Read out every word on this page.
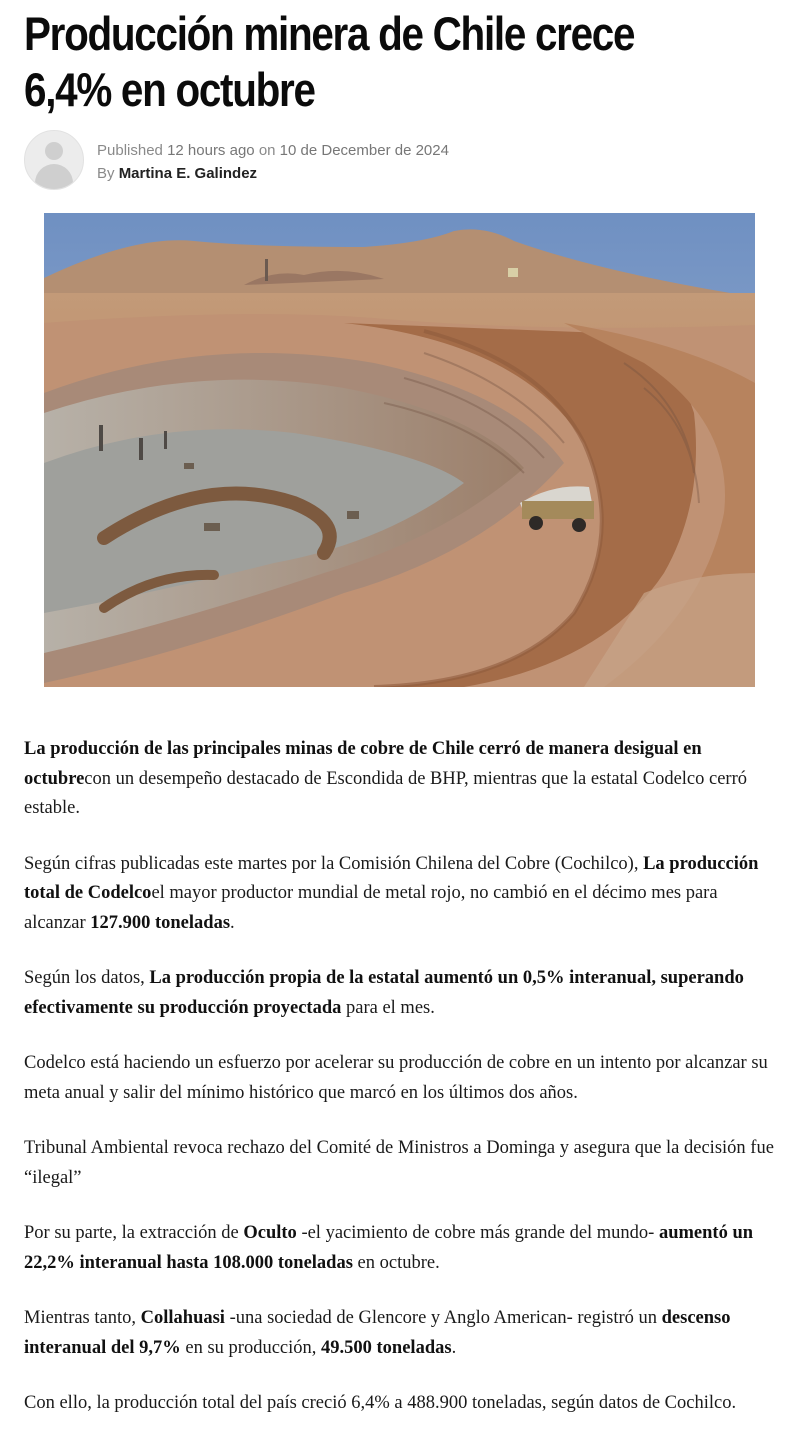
Producción minera de Chile crece 6,4% en octubre
Published 12 hours ago on 10 de December de 2024
By Martina E. Galindez

La producción de las principales minas de cobre de Chile cerró de manera desigual en octubrecon un desempeño destacado de Escondida de BHP, mientras que la estatal Codelco cerró estable.

Según cifras publicadas este martes por la Comisión Chilena del Cobre (Cochilco), La producción total de Codelcoel mayor productor mundial de metal rojo, no cambió en el décimo mes para alcanzar 127.900 toneladas.

Según los datos, La producción propia de la estatal aumentó un 0,5% interanual, superando efectivamente su producción proyectada para el mes.

Codelco está haciendo un esfuerzo por acelerar su producción de cobre en un intento por alcanzar su meta anual y salir del mínimo histórico que marcó en los últimos dos años.

Tribunal Ambiental revoca rechazo del Comité de Ministros a Dominga y asegura que la decisión fue “ilegal”

Por su parte, la extracción de Oculto -el yacimiento de cobre más grande del mundo- aumentó un 22,2% interanual hasta 108.000 toneladas en octubre.

Mientras tanto, Collahuasi -una sociedad de Glencore y Anglo American- registró un descenso interanual del 9,7% en su producción, 49.500 toneladas.

Con ello, la producción total del país creció 6,4% a 488.900 toneladas, según datos de Cochilco.
